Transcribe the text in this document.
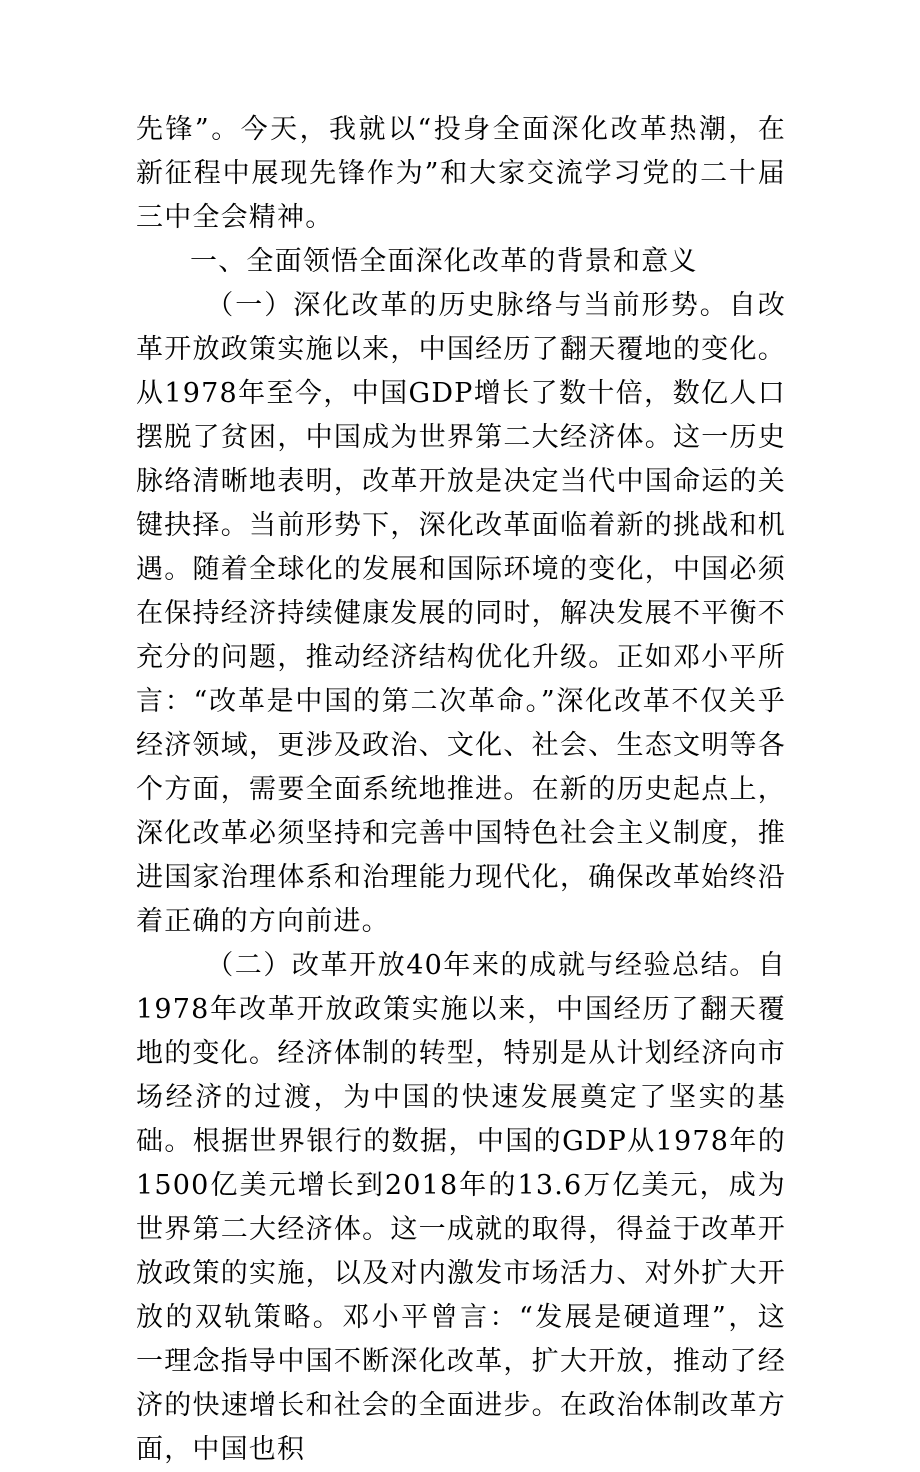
先锋”。今天，我就以“投身全面深化改革热潮，在新征程中展现先锋作为”和大家交流学习党的二十届三中全会精神。

一、全面领悟全面深化改革的背景和意义

（一）深化改革的历史脉络与当前形势。自改革开放政策实施以来，中国经历了翻天覆地的变化。从1978年至今，中国GDP增长了数十倍，数亿人口摆脱了贫困，中国成为世界第二大经济体。这一历史脉络清晰地表明，改革开放是决定当代中国命运的关键抉择。当前形势下，深化改革面临着新的挑战和机遇。随着全球化的发展和国际环境的变化，中国必须在保持经济持续健康发展的同时，解决发展不平衡不充分的问题，推动经济结构优化升级。正如邓小平所言：“改革是中国的第二次革命。”深化改革不仅关乎经济领域，更涉及政治、文化、社会、生态文明等各个方面，需要全面系统地推进。在新的历史起点上，深化改革必须坚持和完善中国特色社会主义制度，推进国家治理体系和治理能力现代化，确保改革始终沿着正确的方向前进。

（二）改革开放40年来的成就与经验总结。自1978年改革开放政策实施以来，中国经历了翻天覆地的变化。经济体制的转型，特别是从计划经济向市场经济的过渡，为中国的快速发展奠定了坚实的基础。根据世界银行的数据，中国的GDP从1978年的1500亿美元增长到2018年的13.6万亿美元，成为世界第二大经济体。这一成就的取得，得益于改革开放政策的实施，以及对内激发市场活力、对外扩大开放的双轨策略。邓小平曾言：“发展是硬道理”，这一理念指导中国不断深化改革，扩大开放，推动了经济的快速增长和社会的全面进步。在政治体制改革方面，中国也积
